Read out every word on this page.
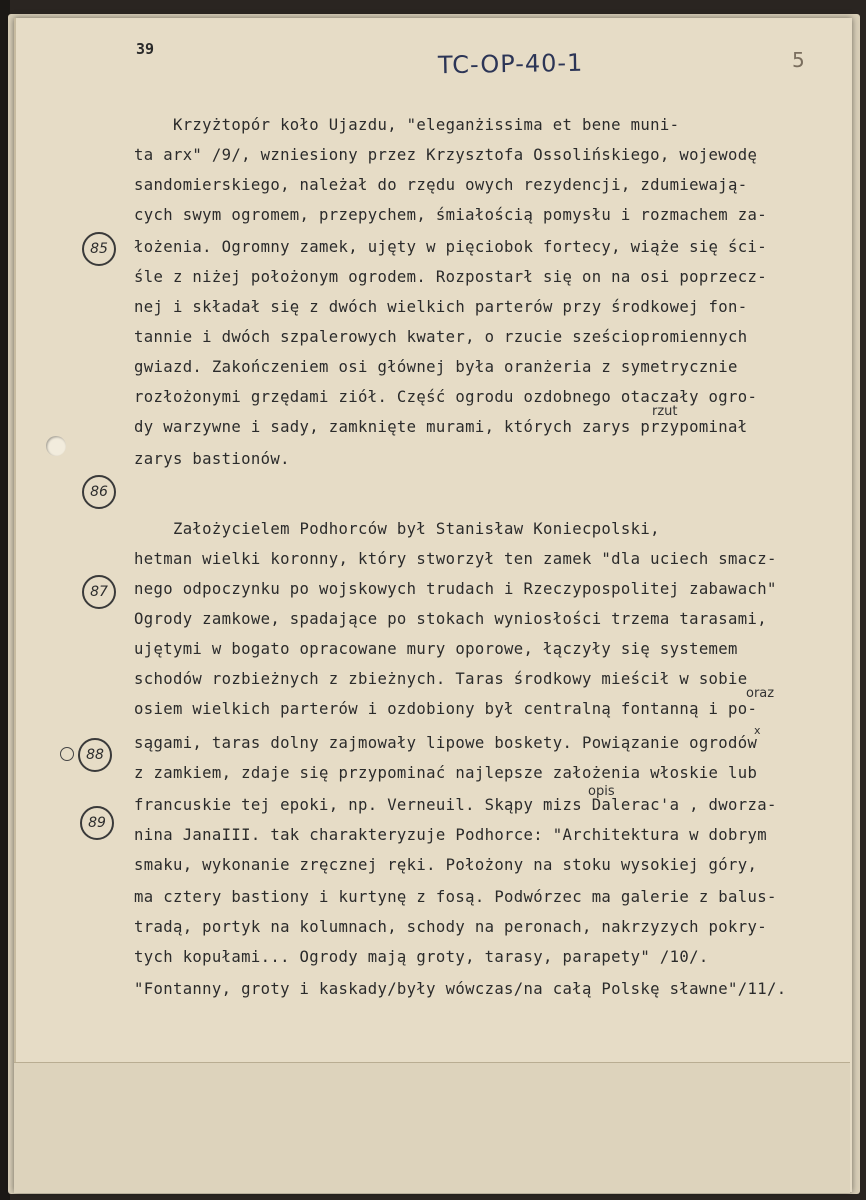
39	TC-OP-40-1	5
Krzyżtopór koło Ujazdu, "eleganżissima et bene muni-
ta arx" /9/, wzniesiony przez Krzysztofa Ossolińskiego, wojewodę
sandomierskiego, należał do rzędu owych rezydencji, zdumiewają-
cych swym ogromem, przepychem, śmiałością pomysłu i rozmachem za-
łożenia. Ogromny zamek, ujęty w pięciobok fortecy, wiąże się ści-
śle z niżej położonym ogrodem. Rozpostarł się on na osi poprzecz-
nej i składał się z dwóch wielkich parterów przy środkowej fon-
tannie i dwóch szpalerowych kwater, o rzucie sześciopromiennych
gwiazd. Zakończeniem osi głównej była oranżeria z symetrycznie
rozłożonymi grzędami ziół. Część ogrodu ozdobnego otaczały ogro-
dy warzywne i sady, zamknięte murami, których zarys przypominał
zarys bastionów.
Założycielem Podhorców był Stanisław Koniecpolski,
hetman wielki koronny, który stworzył ten zamek "dla uciech smacz-
nego odpoczynku po wojskowych trudach i Rzeczypospolitej zabawach"
Ogrody zamkowe, spadające po stokach wyniosłości trzema tarasami,
ujętymi w bogato opracowane mury oporowe, łączyły się systemem
schodów rozbieżnych z zbieżnych. Taras środkowy mieścił w sobie
osiem wielkich parterów i ozdobiony był centralną fontanną i po-
sągami, taras dolny zajmowały lipowe boskety. Powiązanie ogrodów
z zamkiem, zdaje się przypominać najlepsze założenia włoskie lub
francuskie tej epoki, np. Verneuil. Skąpy mizs Dalerac'a , dworza-
nina JanaIII. tak charakteryzuje Podhorce: "Architektura w dobrym
smaku, wykonanie zręcznej ręki. Położony na stoku wysokiej góry,
ma cztery bastiony i kurtynę z fosą. Podwórzec ma galerie z balus-
tradą, portyk na kolumnach, schody na peronach, nakrzyzych pokry-
tych kopułami... Ogrody mają groty, tarasy, parapety" /10/.
"Fontanny, groty i kaskady/były wówczas/na całą Polskę sławne"/11/.
rzut
oraz
x
opis
85
86
87
88
89
